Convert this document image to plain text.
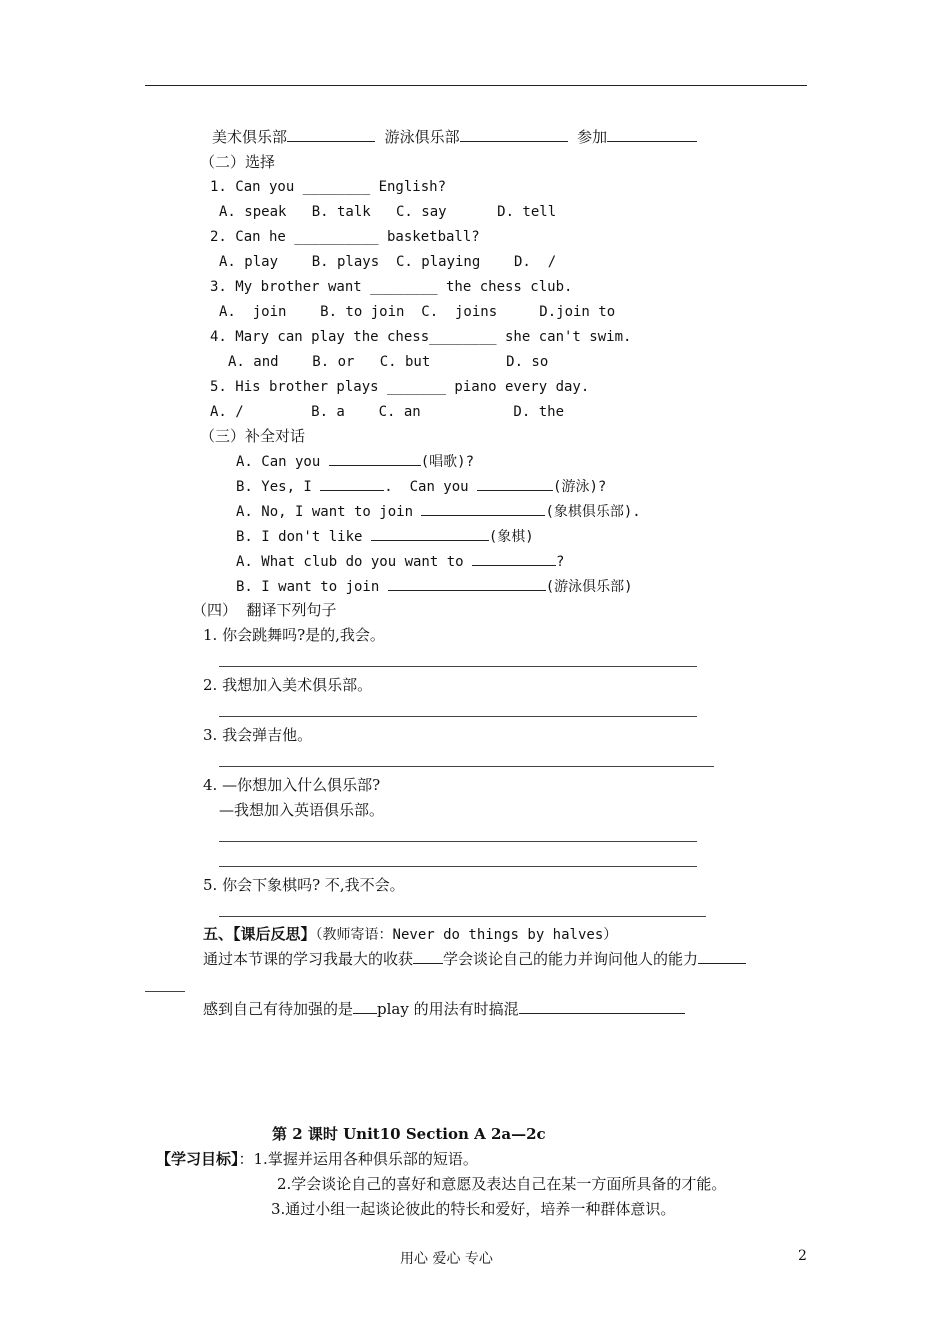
美术俱乐部	游泳俱乐部	参加
（二）选择
1. Can you ________ English?
A. speak   B. talk   C. say      D. tell
2. Can he __________ basketball?
A. play    B. plays  C. playing    D.  /
3. My brother want ________ the chess club.
A.  join    B. to join  C.  joins     D.join to
4. Mary can play the chess________ she can't swim.
A. and    B. or   C. but         D. so
5. His brother plays _______ piano every day.
A. /        B. a    C. an           D. the
（三）补全对话
A. Can you	(唱歌)?
B. Yes, I	.  Can you	(游泳)?
A. No, I want to join	(象棋俱乐部).
B. I don't like	(象棋)
A. What club do you want to	?
B. I want to join	(游泳俱乐部)
（四）  翻译下列句子
1. 你会跳舞吗?是的,我会。
2. 我想加入美术俱乐部。
3. 我会弹吉他。
4. —你想加入什么俱乐部?
—我想加入英语俱乐部。
5. 你会下象棋吗? 不,我不会。
五、【课后反思】（教师寄语：Never do things by halves）
通过本节课的学习我最大的收获 学会谈论自己的能力并询问他人的能力
感到自己有待加强的是 play 的用法有时搞混
第 2 课时 Unit10 Section A 2a—2c
【学习目标】：1.掌握并运用各种俱乐部的短语。
2.学会谈论自己的喜好和意愿及表达自己在某一方面所具备的才能。
3.通过小组一起谈论彼此的特长和爱好，培养一种群体意识。
用心 爱心 专心	2
